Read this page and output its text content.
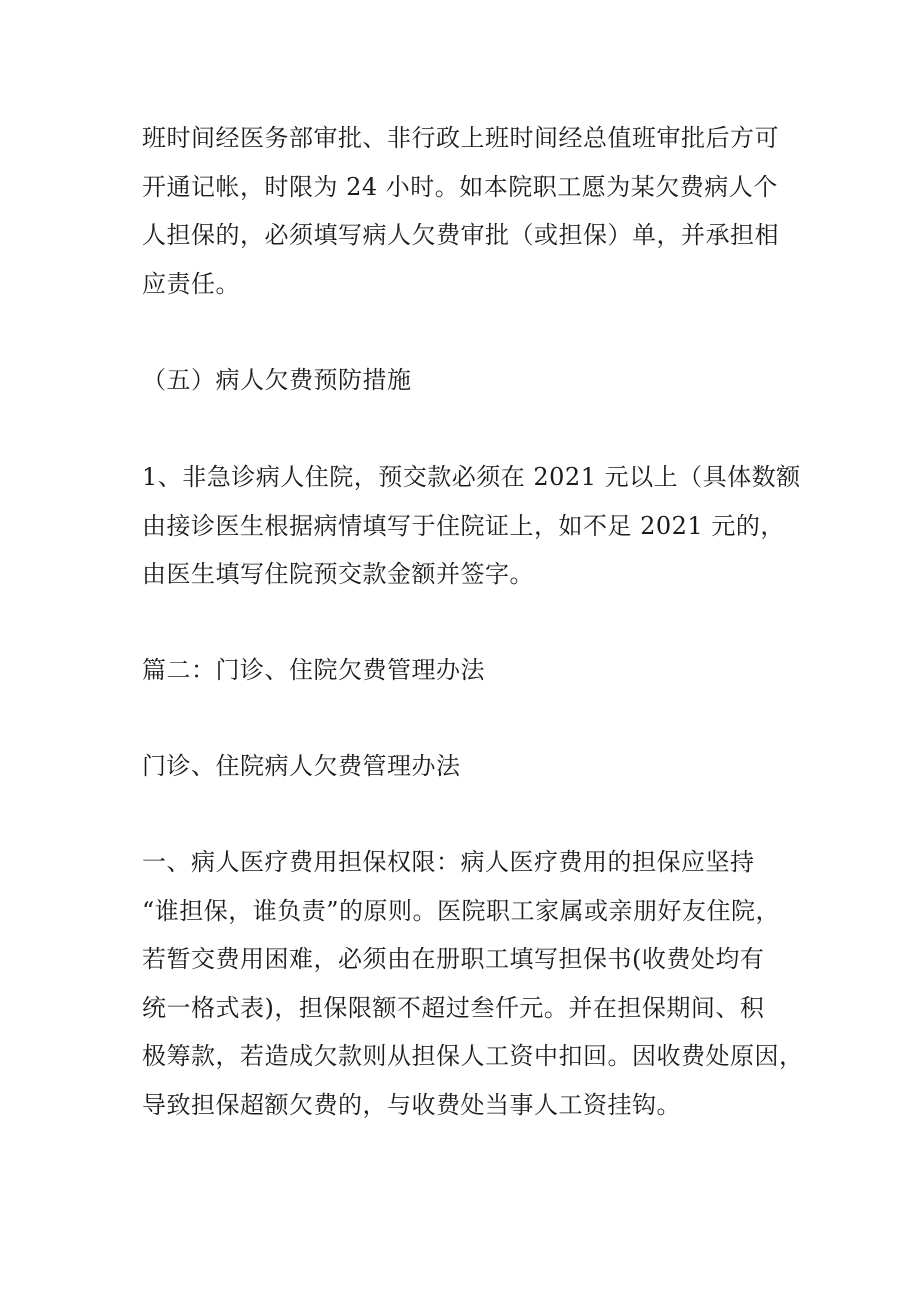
班时间经医务部审批、非行政上班时间经总值班审批后方可
开通记帐，时限为 24 小时。如本院职工愿为某欠费病人个
人担保的，必须填写病人欠费审批（或担保）单，并承担相
应责任。
（五）病人欠费预防措施
1、非急诊病人住院，预交款必须在 2021 元以上（具体数额
由接诊医生根据病情填写于住院证上，如不足 2021 元的，
由医生填写住院预交款金额并签字。
篇二：门诊、住院欠费管理办法
门诊、住院病人欠费管理办法
一、病人医疗费用担保权限：病人医疗费用的担保应坚持
“谁担保，谁负责”的原则。医院职工家属或亲朋好友住院，
若暂交费用困难，必须由在册职工填写担保书(收费处均有
统一格式表)，担保限额不超过叁仟元。并在担保期间、积
极筹款，若造成欠款则从担保人工资中扣回。因收费处原因，
导致担保超额欠费的，与收费处当事人工资挂钩。
